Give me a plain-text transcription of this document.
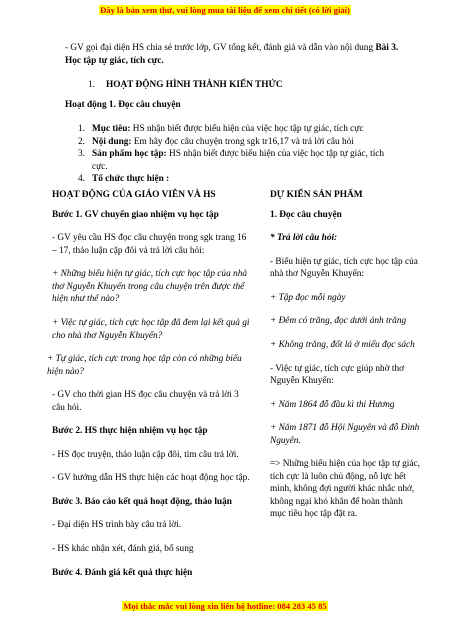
Đây là bản xem thử, vui lòng mua tài liệu để xem chi tiết (có lời giải)
- GV gọi đại diện HS chia sẻ trước lớp, GV tổng kết, đánh giá và dẫn vào nội dung Bài 3. Học tập tự giác, tích cực.
1. HOẠT ĐỘNG HÌNH THÀNH KIẾN THỨC
Hoạt động 1. Đọc câu chuyện
1. Mục tiêu: HS nhận biết được biểu hiện của việc học tập tự giác, tích cực
2. Nội dung: Em hãy đọc câu chuyện trong sgk tr16,17 và trả lời câu hỏi
3. Sản phẩm học tập: HS nhận biết được biểu hiện của việc học tập tự giác, tích cực.
4. Tổ chức thực hiện :

HOẠT ĐỘNG CỦA GIÁO VIÊN VÀ HS

Bước 1. GV chuyển giao nhiệm vụ học tập

- GV yêu cầu HS đọc câu chuyện trong sgk trang 16 – 17, thảo luận cặp đôi và trả lời câu hỏi:

+ Những biểu hiện tự giác, tích cực học tập của nhà thơ Nguyễn Khuyến trong câu chuyện trên được thể hiện như thế nào?

+ Việc tự giác, tích cực học tập đã đem lại kết quả gì cho nhà thơ Nguyễn Khuyến?

+ Tự giác, tích cực trong học tập còn có những biểu hiện nào?

- GV cho thời gian HS đọc câu chuyện và trả lời 3 câu hỏi.

Bước 2. HS thực hiện nhiệm vụ học tập

- HS đọc truyện, thảo luận cặp đôi, tìm câu trả lời.

- GV hướng dẫn HS thực hiện các hoạt động học tập.

Bước 3. Báo cáo kết quả hoạt động, thảo luận

- Đại diện HS trình bày câu trả lời.

- HS khác nhận xét, đánh giá, bổ sung

Bước 4. Đánh giá kết quả thực hiện

DỰ KIẾN SẢN PHẨM

1. Đọc câu chuyện

* Trả lời câu hỏi:

- Biểu hiện tự giác, tích cực học tập của nhà thơ Nguyễn Khuyến:

+ Tập đọc mỗi ngày

+ Đêm có trăng, đọc dưới ánh trăng

+ Không trăng, đốt lá ở miếu đọc sách

- Việc tự giác, tích cực giúp nhờ thơ Nguyễn Khuyến:

+ Năm 1864 đỗ đầu kì thi Hương

+ Năm 1871 đỗ Hội Nguyên và đỗ Đình Nguyên.

=> Những biểu hiện của học tập tự giác, tích cực là luôn chủ động, nỗ lực hết mình, không đợi người khác nhắc nhở, không ngại khó khăn để hoàn thành mục tiêu học tập đặt ra.

Mọi thắc mắc vui lòng xin liên hệ hotline: 084 283 45 85
